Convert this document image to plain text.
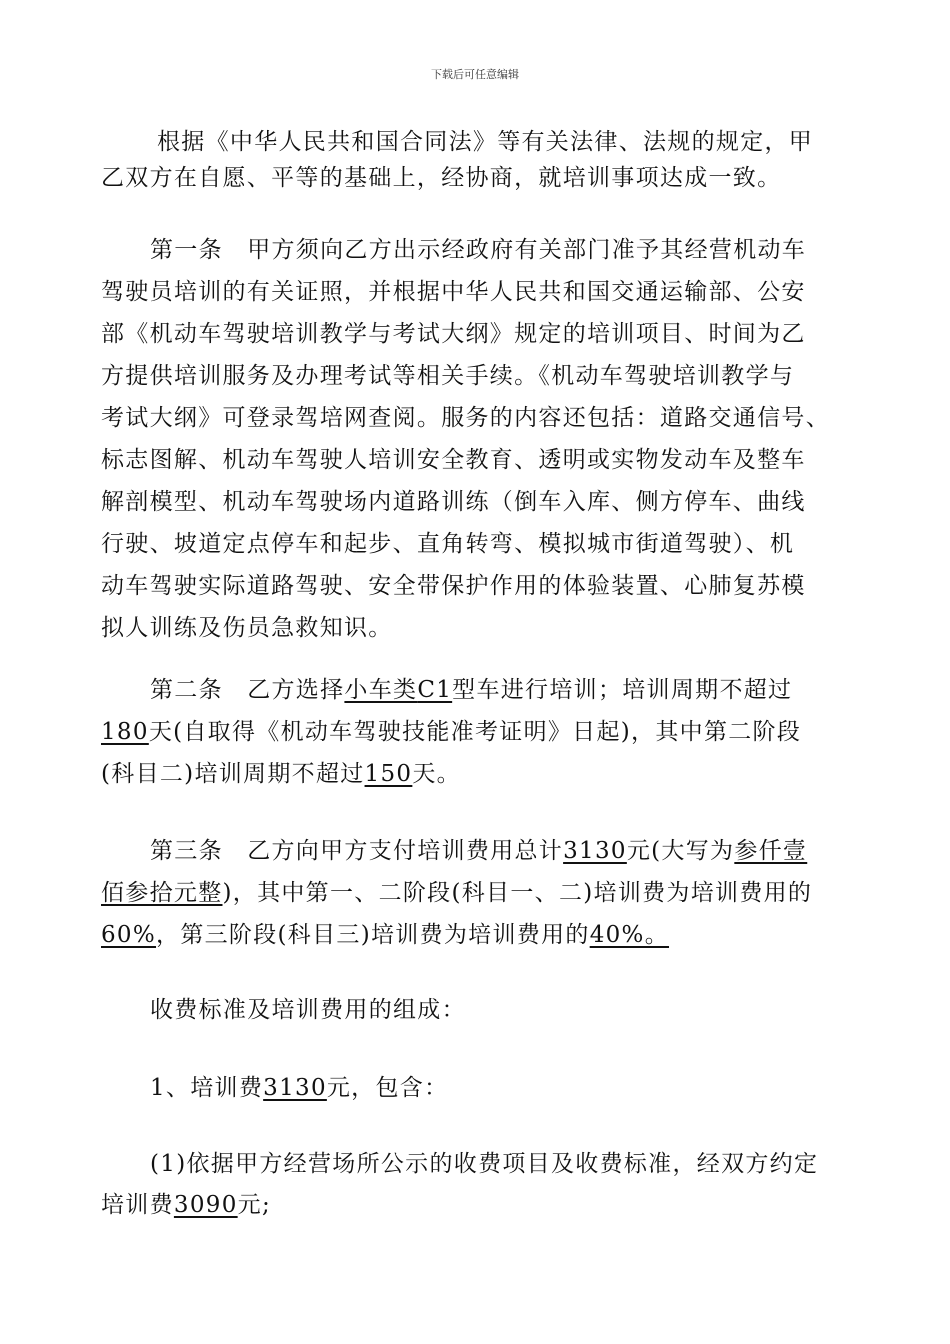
下载后可任意编辑
根据《中华人民共和国合同法》等有关法律、法规的规定，甲
乙双方在自愿、平等的基础上，经协商，就培训事项达成一致。
第一条　甲方须向乙方出示经政府有关部门准予其经营机动车
驾驶员培训的有关证照，并根据中华人民共和国交通运输部、公安
部《机动车驾驶培训教学与考试大纲》规定的培训项目、时间为乙
方提供培训服务及办理考试等相关手续。《机动车驾驶培训教学与
考试大纲》可登录驾培网查阅。服务的内容还包括：道路交通信号、
标志图解、机动车驾驶人培训安全教育、透明或实物发动车及整车
解剖模型、机动车驾驶场内道路训练（倒车入库、侧方停车、曲线
行驶、坡道定点停车和起步、直角转弯、模拟城市街道驾驶）、机
动车驾驶实际道路驾驶、安全带保护作用的体验装置、心肺复苏模
拟人训练及伤员急救知识。
第二条　乙方选择小车类C1型车进行培训；培训周期不超过
180天(自取得《机动车驾驶技能准考证明》日起)，其中第二阶段
(科目二)培训周期不超过150天。
第三条　乙方向甲方支付培训费用总计3130元(大写为参仟壹
佰参拾元整)，其中第一、二阶段(科目一、二)培训费为培训费用的
60%，第三阶段(科目三)培训费为培训费用的40%。
收费标准及培训费用的组成：
1、培训费3130元，包含：
(1)依据甲方经营场所公示的收费项目及收费标准，经双方约定
培训费3090元;
